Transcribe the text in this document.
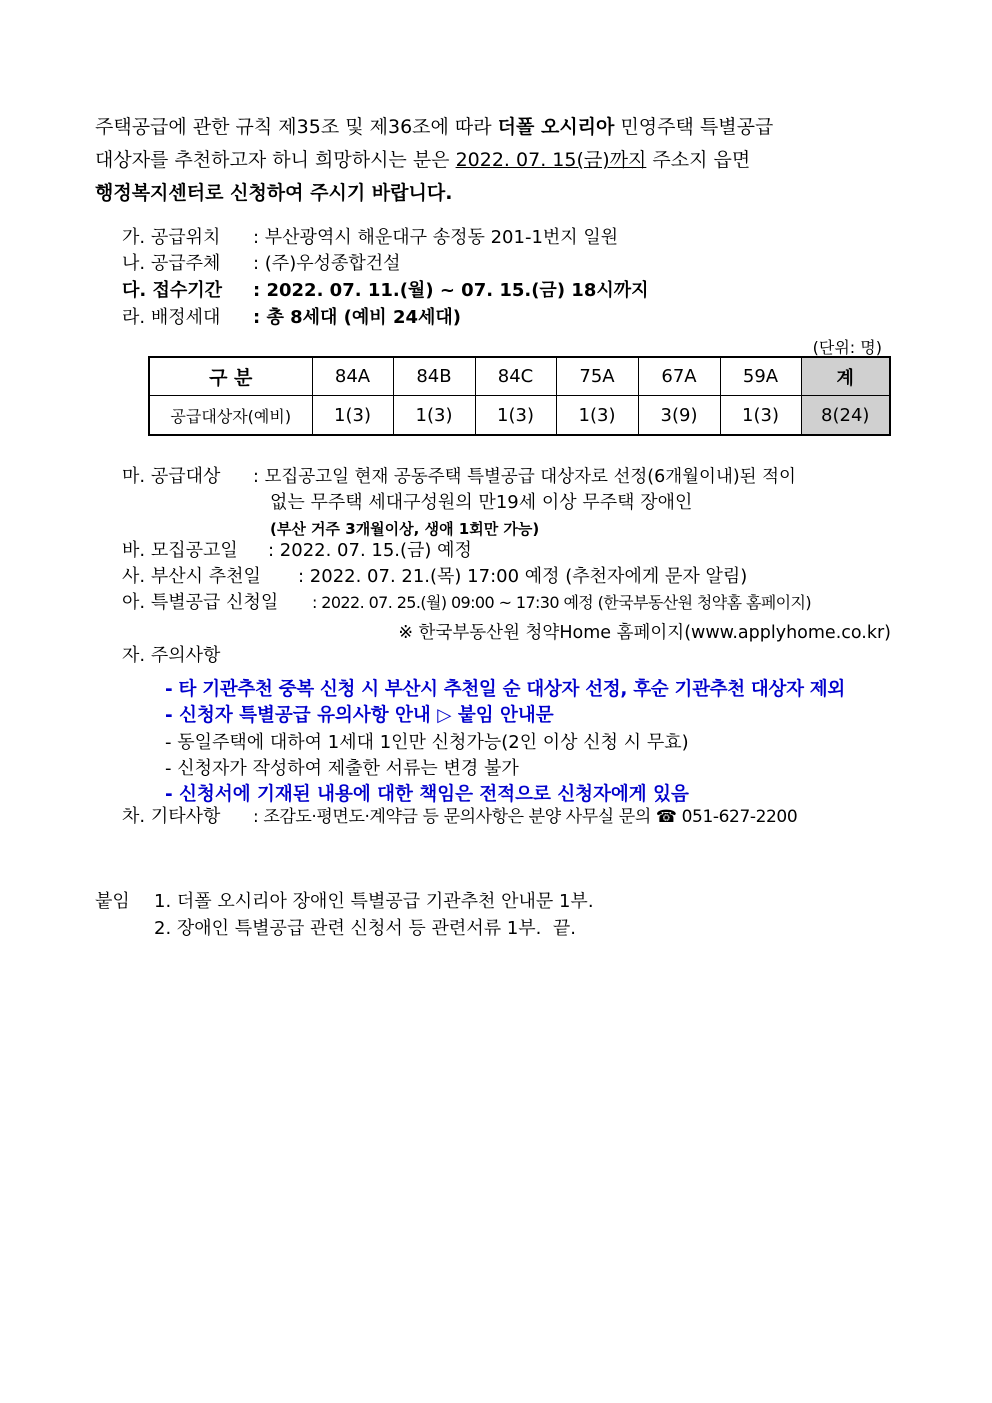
주택공급에 관한 규칙 제35조 및 제36조에 따라 더폴 오시리아 민영주택 특별공급
대상자를 추천하고자 하니 희망하시는 분은 2022. 07. 15(금)까지 주소지 읍면
행정복지센터로 신청하여 주시기 바랍니다.
가. 공급위치 : 부산광역시 해운대구 송정동 201-1번지 일원
나. 공급주체 : (주)우성종합건설
다. 접수기간 : 2022. 07. 11.(월) ~ 07. 15.(금) 18시까지
라. 배정세대 : 총 8세대 (예비 24세대)
(단위: 명)
구 분	84A	84B	84C	75A	67A	59A	계
공급대상자(예비)	1(3)	1(3)	1(3)	1(3)	3(9)	1(3)	8(24)
마. 공급대상 : 모집공고일 현재 공동주택 특별공급 대상자로 선정(6개월이내)된 적이
없는 무주택 세대구성원의 만19세 이상 무주택 장애인
(부산 거주 3개월이상, 생애 1회만 가능)
바. 모집공고일 : 2022. 07. 15.(금) 예정
사. 부산시 추천일 : 2022. 07. 21.(목) 17:00 예정 (추천자에게 문자 알림)
아. 특별공급 신청일 : 2022. 07. 25.(월) 09:00 ~ 17:30 예정 (한국부동산원 청약홈 홈페이지)
※ 한국부동산원 청약Home 홈페이지(www.applyhome.co.kr)
자. 주의사항
- 타 기관추천 중복 신청 시 부산시 추천일 순 대상자 선정, 후순 기관추천 대상자 제외
- 신청자 특별공급 유의사항 안내 ▷ 붙임 안내문
- 동일주택에 대하여 1세대 1인만 신청가능(2인 이상 신청 시 무효)
- 신청자가 작성하여 제출한 서류는 변경 불가
- 신청서에 기재된 내용에 대한 책임은 전적으로 신청자에게 있음
차. 기타사항 : 조감도·평면도·계약금 등 문의사항은 분양 사무실 문의 ☎ 051-627-2200
붙임 1. 더폴 오시리아 장애인 특별공급 기관추천 안내문 1부.
2. 장애인 특별공급 관련 신청서 등 관련서류 1부. 끝.
